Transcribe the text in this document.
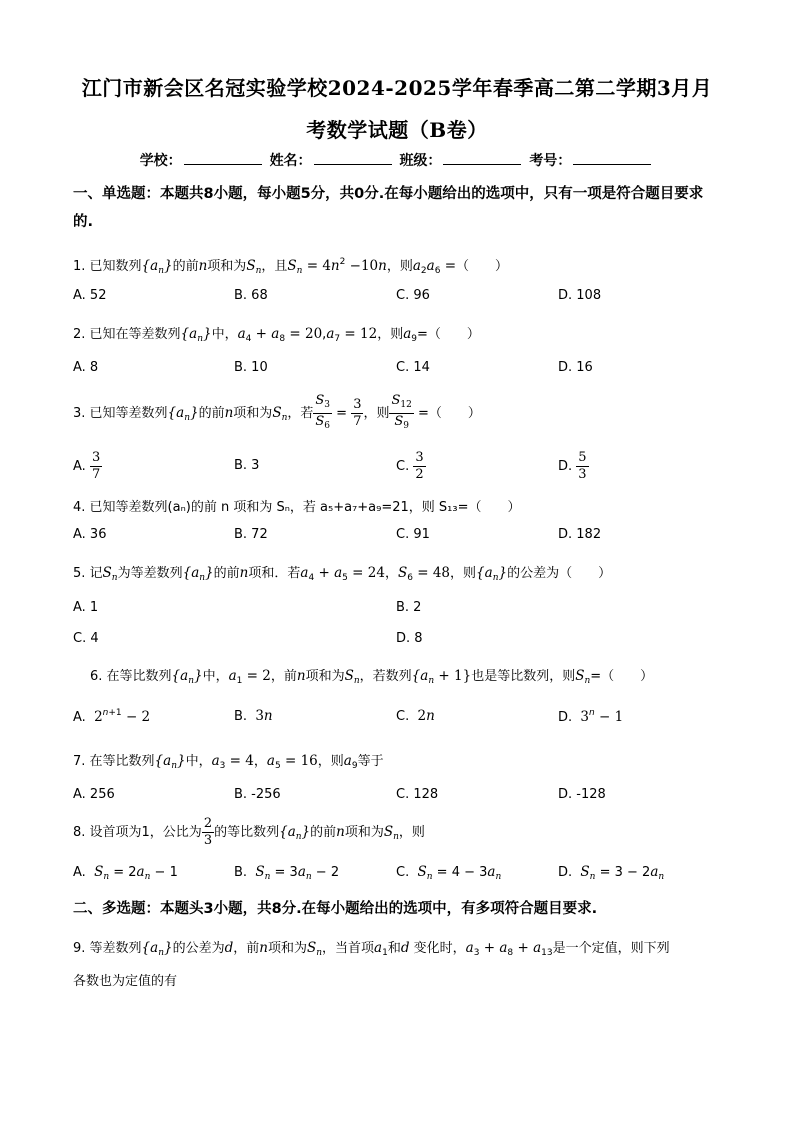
江门市新会区名冠实验学校2024-2025学年春季高二第二学期3月月
考数学试题（B卷）
学校：	姓名：	班级：	考号：
一、单选题：本题共8小题，每小题5分，共0分.在每小题给出的选项中，只有一项是符合题目要求的.
1. 已知数列$\{a_n\}$的前n项和为$S_n$，且$S_n = 4n^2 -10n$，则$a_2a_6$ =（　　）
A. 52	B. 68	C. 96	D. 108
2. 已知在等差数列$\{a_n\}$中，$a_4 + a_8 = 20,a_7 = 12$，则$a_9=$（　　）
A. 8	B. 10	C. 14	D. 16
3. 已知等差数列$\{a_n\}$的前n项和为$S_n$，若 $\frac{S_3}{S_6} = \frac{3}{7}$ ，则 $\frac{S_{12}}{S_9}$ =（　　）
A. $\frac{3}{7}$	B. 3	C. $\frac{3}{2}$	D. $\frac{5}{3}$
4. 已知等差数列(aₙ)的前 n 项和为 Sₙ，若 a₅+a₇+a₉=21，则 S₁₃=（　　）
A. 36	B. 72	C. 91	D. 182
5. 记$S_n$为等差数列$\{a_n\}$的前n项和．若$a_4 + a_5 = 24$，$S_6 = 48$，则$\{a_n\}$的公差为（　　）
A. 1	B. 2
C. 4	D. 8
6. 在等比数列$\{a_n\}$中，$a_1 = 2$，前n项和为$S_n$，若数列$\{a_n + 1\}$也是等比数列，则$S_n=$（　　）
A.  $2^{n+1} - 2$	B.  3n	C.  2n	D.  $3^n - 1$
7. 在等比数列$\{a_n\}$中，$a_3 = 4$，$a_5 = 16$，则$a_9$等于
A. 256	B. -256	C. 128	D. -128
8. 设首项为1，公比为 $\frac{2}{3}$ 的等比数列$\{a_n\}$的前n项和为$S_n$，则
A.  $S_n = 2a_n - 1$	B.  $S_n = 3a_n - 2$	C.  $S_n = 4 - 3a_n$	D.  $S_n = 3 - 2a_n$
二、多选题：本题头3小题，共8分.在每小题给出的选项中，有多项符合题目要求.
9. 等差数列$\{a_n\}$的公差为d，前n项和为$S_n$，当首项$a_1$和d 变化时，$a_3 + a_8 + a_{13}$是一个定值，则下列
各数也为定值的有
